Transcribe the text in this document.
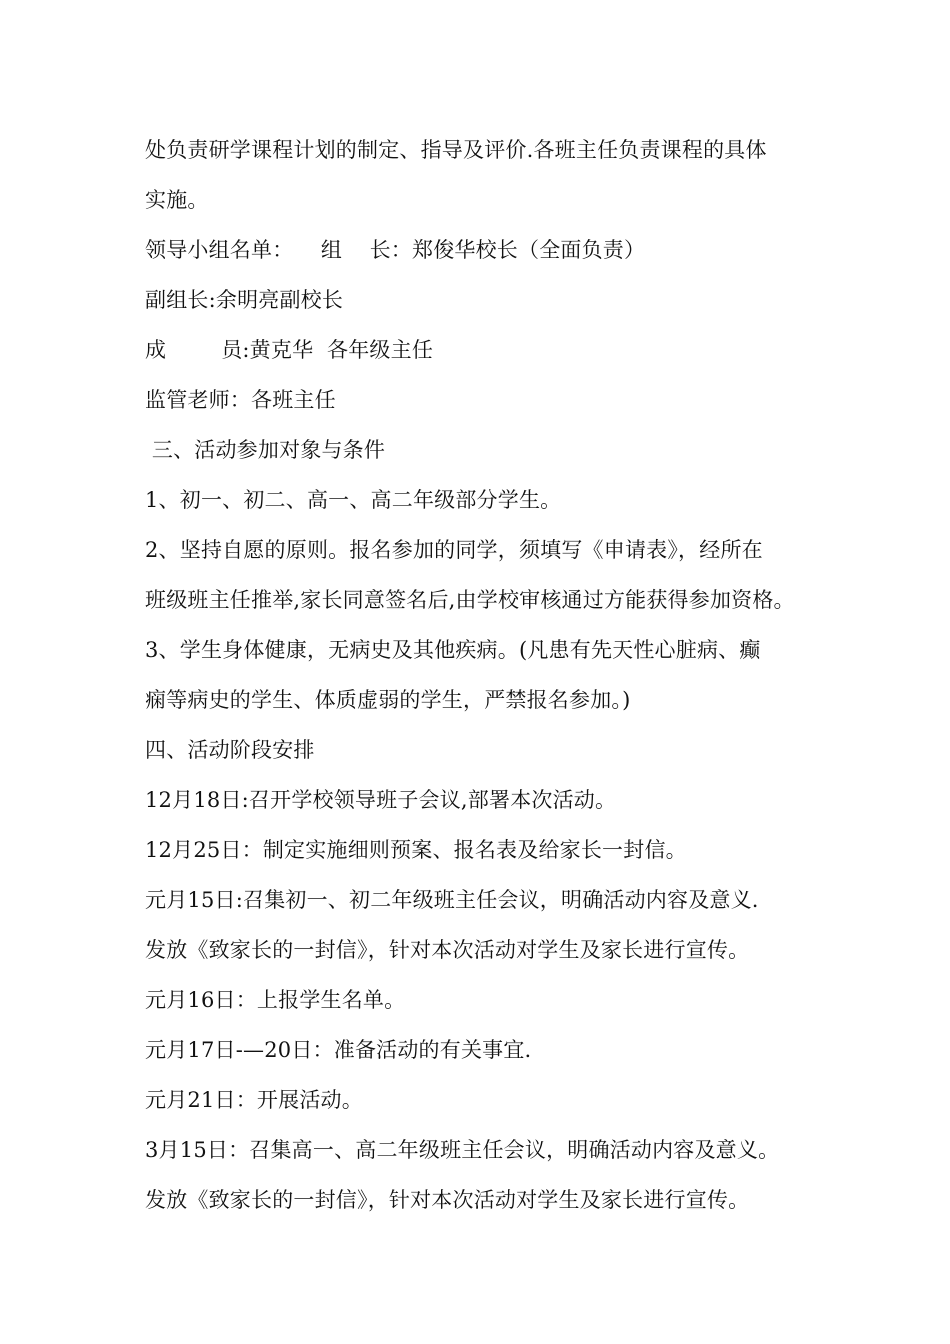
处负责研学课程计划的制定、指导及评价.各班主任负责课程的具体
实施。
领导小组名单：    组    长：郑俊华校长（全面负责）
副组长:余明亮副校长
成        员:黄克华  各年级主任
监管老师：各班主任
三、活动参加对象与条件
1、初一、初二、高一、高二年级部分学生。
2、坚持自愿的原则。报名参加的同学，须填写《申请表》，经所在
班级班主任推举,家长同意签名后,由学校审核通过方能获得参加资格。
3、学生身体健康，无病史及其他疾病。(凡患有先天性心脏病、癫
痫等病史的学生、体质虚弱的学生，严禁报名参加。)
四、活动阶段安排
12月18日:召开学校领导班子会议,部署本次活动。
12月25日：制定实施细则预案、报名表及给家长一封信。
元月15日:召集初一、初二年级班主任会议，明确活动内容及意义.
发放《致家长的一封信》，针对本次活动对学生及家长进行宣传。
元月16日：上报学生名单。
元月17日-—20日：准备活动的有关事宜.
元月21日：开展活动。
3月15日：召集高一、高二年级班主任会议，明确活动内容及意义。
发放《致家长的一封信》，针对本次活动对学生及家长进行宣传。
